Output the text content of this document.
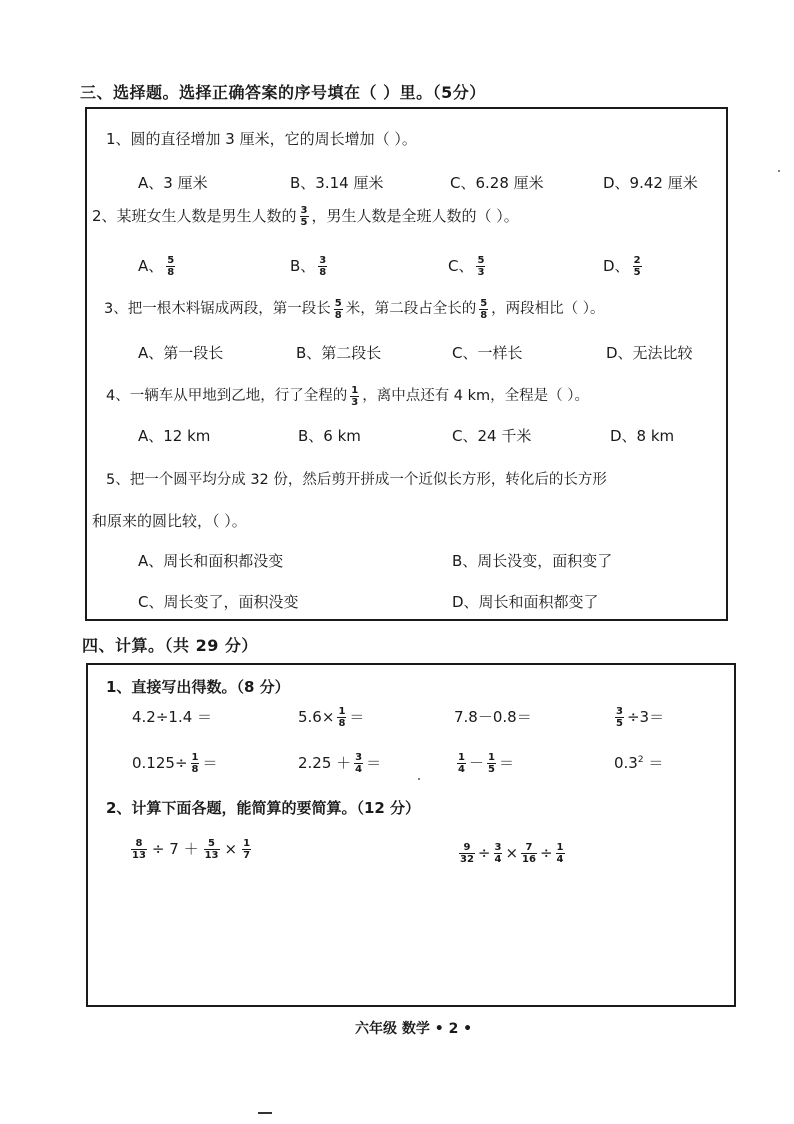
三、选择题。选择正确答案的序号填在（ ）里。（5分）
1、圆的直径增加 3 厘米，它的周长增加（ ）。
A、3 厘米	B、3.14 厘米	C、6.28 厘米	D、9.42 厘米
2、某班女生人数是男生人数的 $\frac{3}{5}$ ，男生人数是全班人数的（ ）。
A、 $\frac{5}{8}$	B、 $\frac{3}{8}$	C、 $\frac{5}{3}$	D、 $\frac{2}{5}$
3、把一根木料锯成两段，第一段长 $\frac{5}{8}$ 米，第二段占全长的 $\frac{5}{8}$ ，两段相比（ ）。
A、第一段长	B、第二段长	C、一样长	D、无法比较
4、一辆车从甲地到乙地，行了全程的 $\frac{1}{3}$ ，离中点还有 4 km，全程是（ ）。
A、12 km	B、6 km	C、24 千米	D、8 km
5、把一个圆平均分成 32 份，然后剪开拼成一个近似长方形，转化后的长方形
和原来的圆比较，（ ）。
A、周长和面积都没变	B、周长没变，面积变了
C、周长变了，面积没变	D、周长和面积都变了
四、计算。（共 29 分）
1、直接写出得数。（8 分）
4.2÷1.4 ＝	$5.6\times \frac{1}{8}$ ＝	7.8－0.8＝	$\frac{3}{5} \div 3=$
$0.125\div \frac{1}{8}$ ＝	$2.25 + \frac{3}{4}$ ＝	$\frac{1}{4} - \frac{1}{5}$ ＝	$0.3^2$ ＝
2、计算下面各题，能简算的要简算。（12 分）
$\frac{8}{13} \div 7 + \frac{5}{13} \times \frac{1}{7}$	$\frac{9}{32} \div \frac{3}{4} \times \frac{7}{16} \div \frac{1}{4}$
六年级 数学 • 2 •
